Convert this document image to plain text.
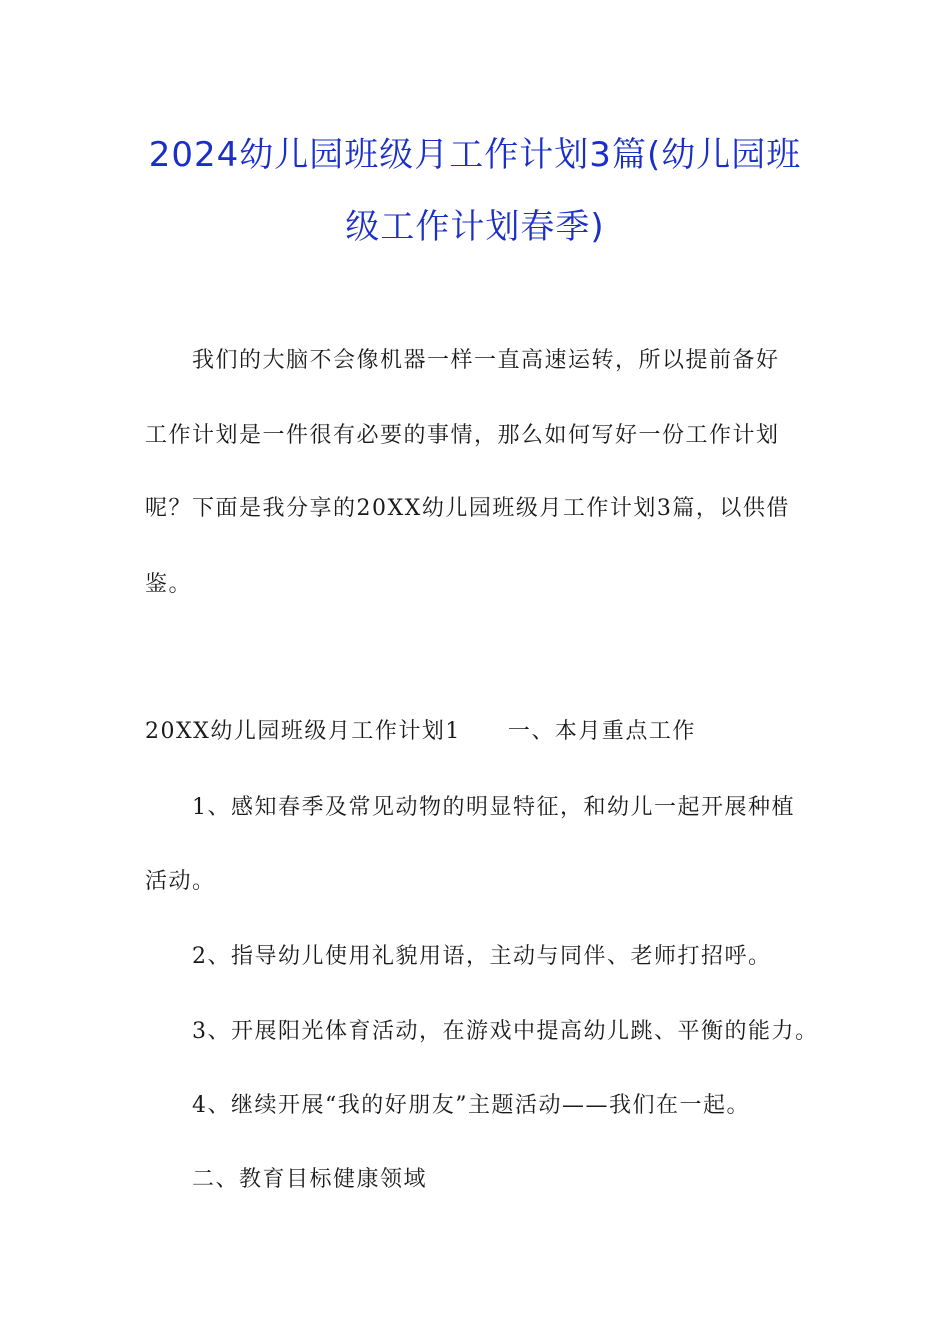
2024幼儿园班级月工作计划3篇(幼儿园班
级工作计划春季)

我们的大脑不会像机器一样一直高速运转，所以提前备好

工作计划是一件很有必要的事情，那么如何写好一份工作计划

呢？下面是我分享的20XX幼儿园班级月工作计划3篇，以供借

鉴。

20XX幼儿园班级月工作计划1　　一、本月重点工作

1、感知春季及常见动物的明显特征，和幼儿一起开展种植

活动。

2、指导幼儿使用礼貌用语，主动与同伴、老师打招呼。

3、开展阳光体育活动，在游戏中提高幼儿跳、平衡的能力。

4、继续开展“我的好朋友”主题活动——我们在一起。

二、教育目标健康领域
